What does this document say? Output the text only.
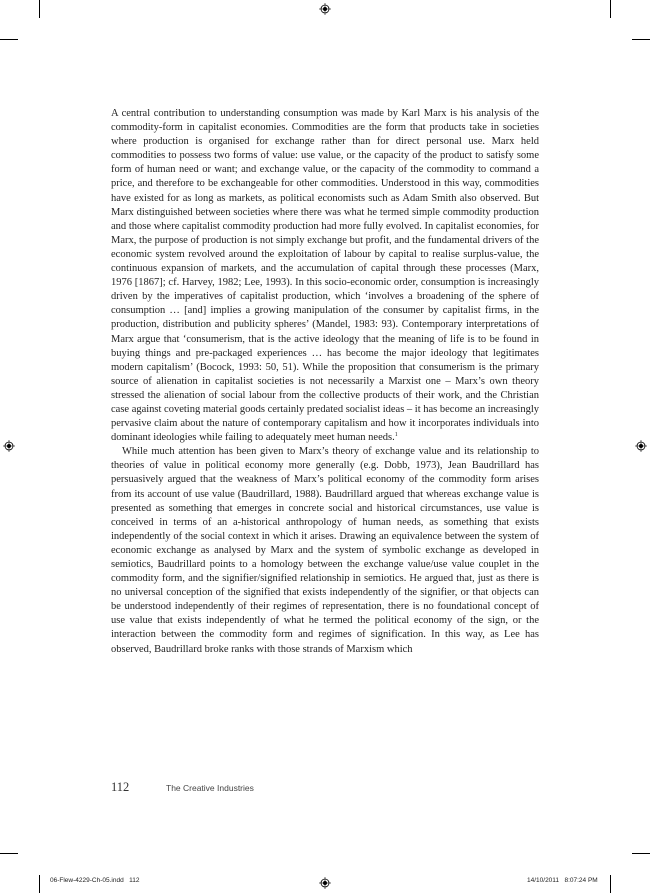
A central contribution to understanding consumption was made by Karl Marx is his analysis of the commodity-form in capitalist economies. Commodities are the form that products take in societies where production is organised for exchange rather than for direct personal use. Marx held commodities to possess two forms of value: use value, or the capacity of the product to satisfy some form of human need or want; and exchange value, or the capacity of the commodity to command a price, and therefore to be exchangeable for other commodities. Understood in this way, commodities have existed for as long as markets, as political economists such as Adam Smith also observed. But Marx distinguished between societies where there was what he termed simple commodity production and those where capitalist commodity production had more fully evolved. In capitalist economies, for Marx, the purpose of production is not simply exchange but profit, and the fundamental drivers of the economic system revolved around the exploitation of labour by capital to realise surplus-value, the continuous expansion of markets, and the accumulation of capital through these processes (Marx, 1976 [1867]; cf. Harvey, 1982; Lee, 1993). In this socio-economic order, consumption is increasingly driven by the imperatives of capitalist production, which ‘involves a broadening of the sphere of consumption … [and] implies a growing manipulation of the consumer by capitalist firms, in the production, distribution and publicity spheres’ (Mandel, 1983: 93). Contemporary interpretations of Marx argue that ‘consumerism, that is the active ideology that the meaning of life is to be found in buying things and pre-packaged experiences … has become the major ideology that legitimates modern capitalism’ (Bocock, 1993: 50, 51). While the proposition that consumerism is the primary source of alienation in capitalist societies is not necessarily a Marxist one – Marx’s own theory stressed the alienation of social labour from the collective products of their work, and the Christian case against coveting material goods certainly predated socialist ideas – it has become an increasingly pervasive claim about the nature of contemporary capitalism and how it incorporates individuals into dominant ideologies while failing to adequately meet human needs.$^1$

While much attention has been given to Marx’s theory of exchange value and its relationship to theories of value in political economy more generally (e.g. Dobb, 1973), Jean Baudrillard has persuasively argued that the weakness of Marx’s political economy of the commodity form arises from its account of use value (Baudrillard, 1988). Baudrillard argued that whereas exchange value is presented as something that emerges in concrete social and historical circumstances, use value is conceived in terms of an a-historical anthropology of human needs, as something that exists independently of the social context in which it arises. Drawing an equivalence between the system of economic exchange as analysed by Marx and the system of symbolic exchange as developed in semiotics, Baudrillard points to a homology between the exchange value/use value couplet in the commodity form, and the signifier/signified relationship in semiotics. He argued that, just as there is no universal conception of the signified that exists independently of the signifier, or that objects can be understood independently of their regimes of representation, there is no foundational concept of use value that exists independently of what he termed the political economy of the sign, or the interaction between the commodity form and regimes of signification. In this way, as Lee has observed, Baudrillard broke ranks with those strands of Marxism which

112	The Creative Industries
06-Flew-4229-Ch-05.indd   112	14/10/2011   8:07:24 PM
